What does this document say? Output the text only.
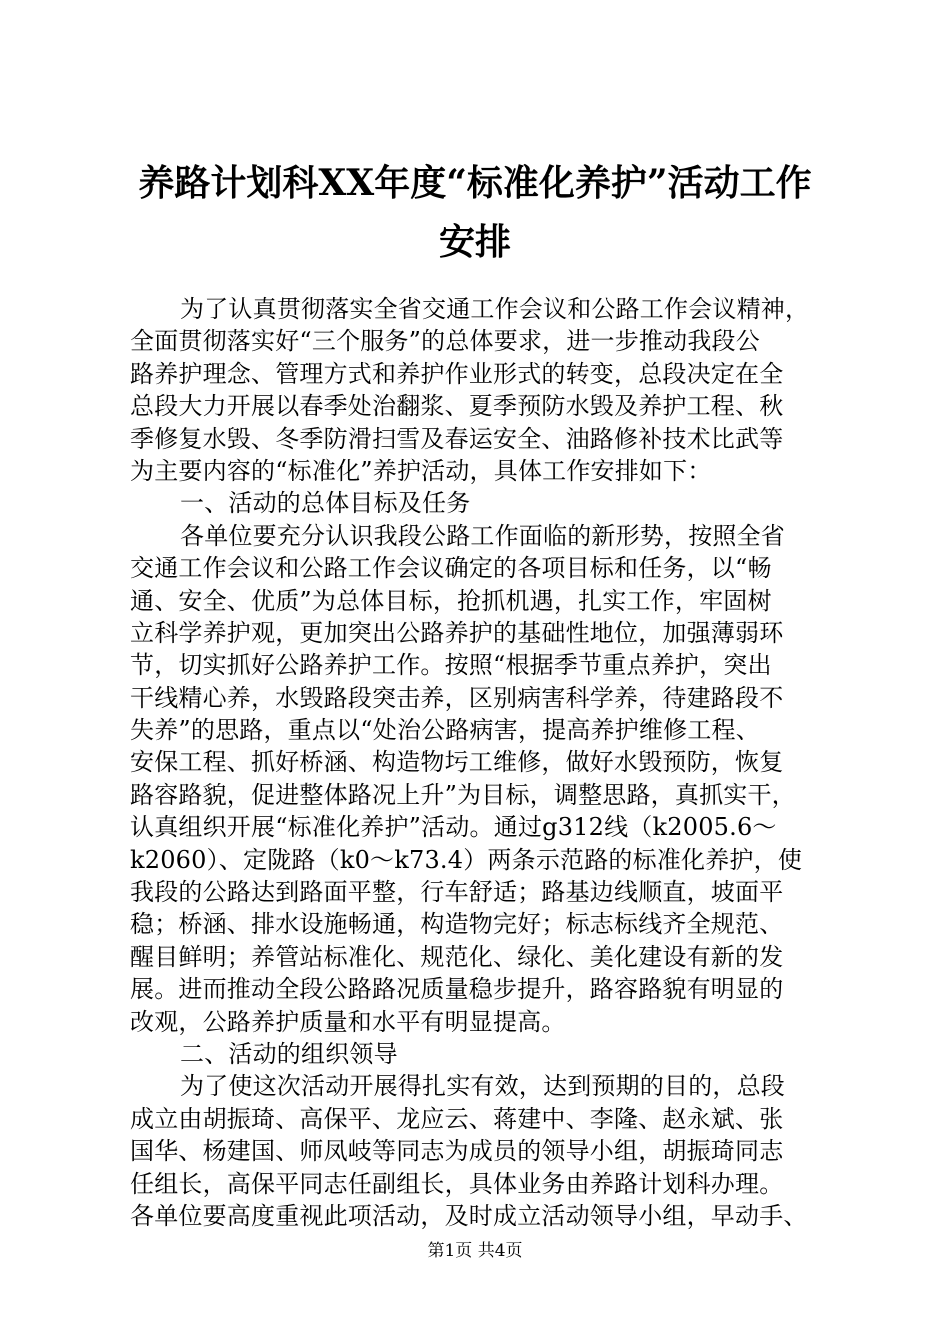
养路计划科XX年度“标准化养护”活动工作
安排
为了认真贯彻落实全省交通工作会议和公路工作会议精神，
全面贯彻落实好“三个服务”的总体要求，进一步推动我段公
路养护理念、管理方式和养护作业形式的转变，总段决定在全
总段大力开展以春季处治翻浆、夏季预防水毁及养护工程、秋
季修复水毁、冬季防滑扫雪及春运安全、油路修补技术比武等
为主要内容的“标准化”养护活动，具体工作安排如下：
一、活动的总体目标及任务
各单位要充分认识我段公路工作面临的新形势，按照全省
交通工作会议和公路工作会议确定的各项目标和任务，以“畅
通、安全、优质”为总体目标，抢抓机遇，扎实工作，牢固树
立科学养护观，更加突出公路养护的基础性地位，加强薄弱环
节，切实抓好公路养护工作。按照“根据季节重点养护，突出
干线精心养，水毁路段突击养，区别病害科学养，待建路段不
失养”的思路，重点以“处治公路病害，提高养护维修工程、
安保工程、抓好桥涵、构造物圬工维修，做好水毁预防，恢复
路容路貌，促进整体路况上升”为目标，调整思路，真抓实干，
认真组织开展“标准化养护”活动。通过g312线（k2005.6～
k2060）、定陇路（k0～k73.4）两条示范路的标准化养护，使
我段的公路达到路面平整，行车舒适；路基边线顺直，坡面平
稳；桥涵、排水设施畅通，构造物完好；标志标线齐全规范、
醒目鲜明；养管站标准化、规范化、绿化、美化建设有新的发
展。进而推动全段公路路况质量稳步提升，路容路貌有明显的
改观，公路养护质量和水平有明显提高。
二、活动的组织领导
为了使这次活动开展得扎实有效，达到预期的目的，总段
成立由胡振琦、高保平、龙应云、蒋建中、李隆、赵永斌、张
国华、杨建国、师凤岐等同志为成员的领导小组，胡振琦同志
任组长，高保平同志任副组长，具体业务由养路计划科办理。
各单位要高度重视此项活动，及时成立活动领导小组，早动手、
第1页 共4页
